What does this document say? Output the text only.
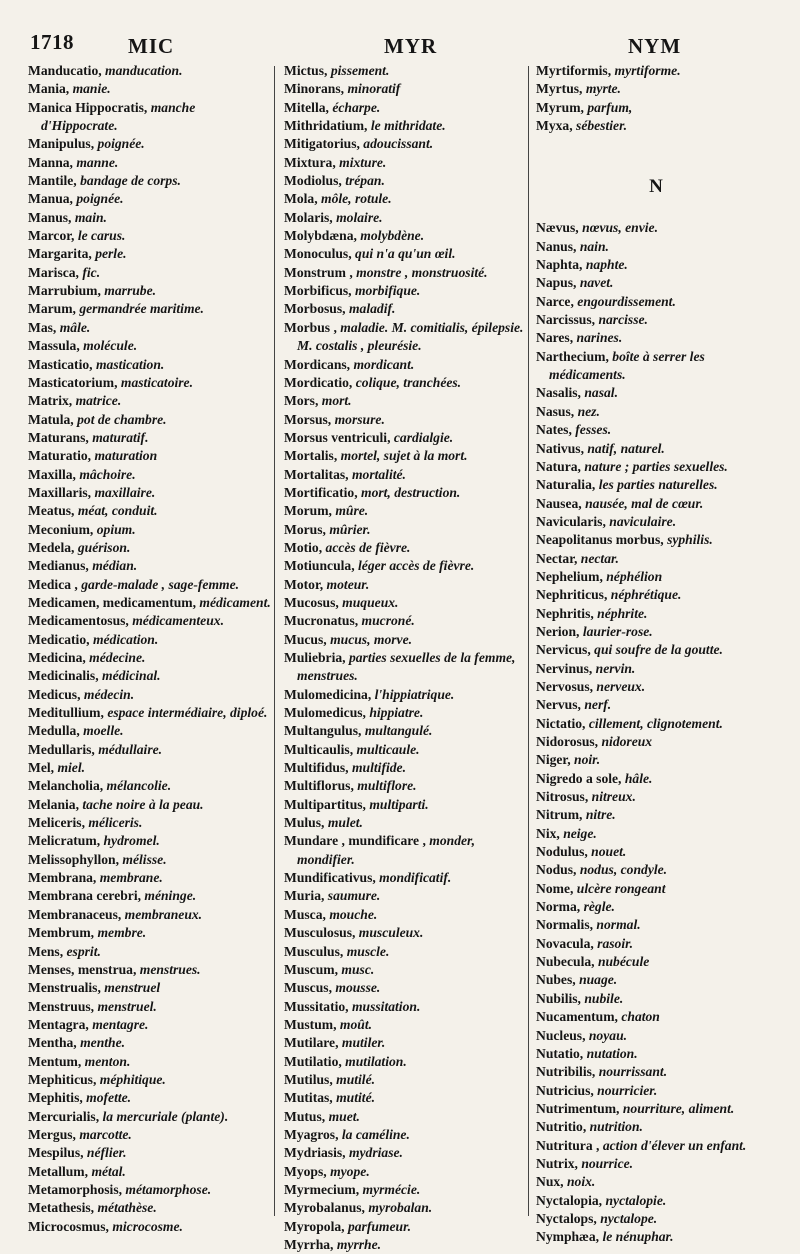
1718	MIC	MYR	NYM

Manducatio, manducation.

Mania, manie.

Manica Hippocratis, manche d'Hippocrate.

Manipulus, poignée.

Manna, manne.

Mantile, bandage de corps.

Manua, poignée.

Manus, main.

Marcor, le carus.

Margarita, perle.

Marisca, fic.

Marrubium, marrube.

Marum, germandrée maritime.

Mas, mâle.

Massula, molécule.

Masticatio, mastication.

Masticatorium, masticatoire.

Matrix, matrice.

Matula, pot de chambre.

Maturans, maturatif.

Maturatio, maturation

Maxilla, mâchoire.

Maxillaris, maxillaire.

Meatus, méat, conduit.

Meconium, opium.

Medela, guérison.

Medianus, médian.

Medica , garde-malade , sage-femme.

Medicamen, medicamentum, médicament.

Medicamentosus, médicamenteux.

Medicatio, médication.

Medicina, médecine.

Medicinalis, médicinal.

Medicus, médecin.

Meditullium, espace intermédiaire, diploé.

Medulla, moelle.

Medullaris, médullaire.

Mel, miel.

Melancholia, mélancolie.

Melania, tache noire à la peau.

Meliceris, méliceris.

Melicratum, hydromel.

Melissophyllon, mélisse.

Membrana, membrane.

Membrana cerebri, méninge.

Membranaceus, membraneux.

Membrum, membre.

Mens, esprit.

Menses, menstrua, menstrues.

Menstrualis, menstruel

Menstruus, menstruel.

Mentagra, mentagre.

Mentha, menthe.

Mentum, menton.

Mephiticus, méphitique.

Mephitis, mofette.

Mercurialis, la mercuriale (plante).

Mergus, marcotte.

Mespilus, néflier.

Metallum, métal.

Metamorphosis, métamorphose.

Metathesis, métathèse.

Microcosmus, microcosme.

Mictus, pissement.

Minorans, minoratif

Mitella, écharpe.

Mithridatium, le mithridate.

Mitigatorius, adoucissant.

Mixtura, mixture.

Modiolus, trépan.

Mola, môle, rotule.

Molaris, molaire.

Molybdæna, molybdène.

Monoculus, qui n'a qu'un œil.

Monstrum , monstre , monstruosité.

Morbificus, morbifique.

Morbosus, maladif.

Morbus , maladie. M. comitialis, épilepsie. M. costalis , pleurésie.

Mordicans, mordicant.

Mordicatio, colique, tranchées.

Mors, mort.

Morsus, morsure.

Morsus ventriculi, cardialgie.

Mortalis, mortel, sujet à la mort.

Mortalitas, mortalité.

Mortificatio, mort, destruction.

Morum, mûre.

Morus, mûrier.

Motio, accès de fièvre.

Motiuncula, léger accès de fièvre.

Motor, moteur.

Mucosus, muqueux.

Mucronatus, mucroné.

Mucus, mucus, morve.

Muliebria, parties sexuelles de la femme, menstrues.

Mulomedicina, l'hippiatrique.

Mulomedicus, hippiatre.

Multangulus, multangulé.

Multicaulis, multicaule.

Multifidus, multifide.

Multiflorus, multiflore.

Multipartitus, multiparti.

Mulus, mulet.

Mundare , mundificare , monder, mondifier.

Mundificativus, mondificatif.

Muria, saumure.

Musca, mouche.

Musculosus, musculeux.

Musculus, muscle.

Muscum, musc.

Muscus, mousse.

Mussitatio, mussitation.

Mustum, moût.

Mutilare, mutiler.

Mutilatio, mutilation.

Mutilus, mutilé.

Mutitas, mutité.

Mutus, muet.

Myagros, la caméline.

Mydriasis, mydriase.

Myops, myope.

Myrmecium, myrmécie.

Myrobalanus, myrobalan.

Myropola, parfumeur.

Myrrha, myrrhe.

Myrtiformis, myrtiforme.

Myrtus, myrte.

Myrum, parfum,

Myxa, sébestier.

N

Nævus, nœvus, envie.

Nanus, nain.

Naphta, naphte.

Napus, navet.

Narce, engourdissement.

Narcissus, narcisse.

Nares, narines.

Narthecium, boîte à serrer les médicaments.

Nasalis, nasal.

Nasus, nez.

Nates, fesses.

Nativus, natif, naturel.

Natura, nature ; parties sexuelles.

Naturalia, les parties naturelles.

Nausea, nausée, mal de cœur.

Navicularis, naviculaire.

Neapolitanus morbus, syphilis.

Nectar, nectar.

Nephelium, néphélion

Nephriticus, néphrétique.

Nephritis, néphrite.

Nerion, laurier-rose.

Nervicus, qui soufre de la goutte.

Nervinus, nervin.

Nervosus, nerveux.

Nervus, nerf.

Nictatio, cillement, clignotement.

Nidorosus, nidoreux

Niger, noir.

Nigredo a sole, hâle.

Nitrosus, nitreux.

Nitrum, nitre.

Nix, neige.

Nodulus, nouet.

Nodus, nodus, condyle.

Nome, ulcère rongeant

Norma, règle.

Normalis, normal.

Novacula, rasoir.

Nubecula, nubécule

Nubes, nuage.

Nubilis, nubile.

Nucamentum, chaton

Nucleus, noyau.

Nutatio, nutation.

Nutribilis, nourrissant.

Nutricius, nourricier.

Nutrimentum, nourriture, aliment.

Nutritio, nutrition.

Nutritura , action d'élever un enfant.

Nutrix, nourrice.

Nux, noix.

Nyctalopia, nyctalopie.

Nyctalops, nyctalope.

Nymphæa, le nénuphar.
